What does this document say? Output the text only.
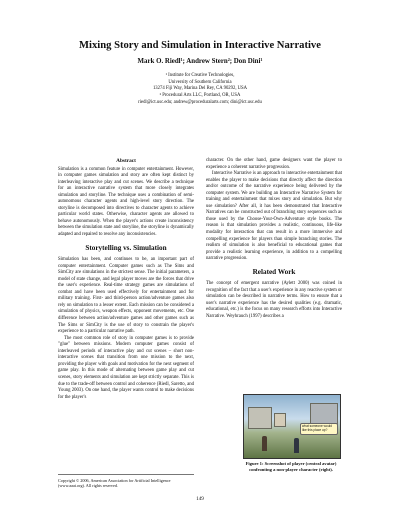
Mixing Story and Simulation in Interactive Narrative
Mark O. Riedl¹; Andrew Stern²; Don Dini¹
¹ Institute for Creative Technologies,
University of Southern California
13274 Fiji Way, Marina Del Rey, CA 90292, USA
² Procedural Arts LLC, Portland, OR, USA
riedl@ict.usc.edu; andrew@proceduralarts.com; dini@ict.usc.edu
Abstract

Simulation is a common feature in computer entertainment. However, in computer games simulation and story are often kept distinct by interleaving interactive play and cut scenes. We describe a technique for an interactive narrative system that more closely integrates simulation and storyline. The technique uses a combination of semi-autonomous character agents and high-level story direction. The storyline is decomposed into directives to character agents to achieve particular world states. Otherwise, character agents are allowed to behave autonomously. When the player's actions create inconsistency between the simulation state and storyline, the storyline is dynamically adapted and repaired to resolve any inconsistencies.

Storytelling vs. Simulation

Simulation has been, and continues to be, an important part of computer entertainment. Computer games such as The Sims and SimCity are simulations in the strictest sense. The initial parameters, a model of state change, and legal player moves are the forces that drive the user's experience. Real-time strategy games are simulations of combat and have been used effectively for entertainment and for military training. First- and third-person action/adventure games also rely on simulation to a lesser extent. Each mission can be considered a simulation of physics, weapon effects, opponent movements, etc. One difference between action/adventure games and other games such as The Sims or SimCity is the use of story to constrain the player's experience to a particular narrative path.

The most common role of story in computer games is to provide "glue" between missions. Modern computer games consist of interleaved periods of interactive play and cut scenes – short non-interactive scenes that transition from one mission to the next, providing the player with goals and motivation for the next segment of game play. In this mode of alternating between game play and cut scenes, story elements and simulation are kept strictly separate. This is due to the trade-off between control and coherence (Riedl, Saretto, and Young 2003). On one hand, the player wants control to make decisions for the player's

character. On the other hand, game designers want the player to experience a coherent narrative progression.

Interactive Narrative is an approach to interactive entertainment that enables the player to make decisions that directly affect the direction and/or outcome of the narrative experience being delivered by the computer system. We are building an Interactive Narrative System for training and entertainment that mixes story and simulation. But why use simulation? After all, it has been demonstrated that Interactive Narratives can be constructed out of branching story sequences such as those used by the Choose-Your-Own-Adventure style books. The reason is that simulation provides a realistic, continuous, life-like modality for interaction that can result in a more immersive and compelling experience for players than simple branching stories. The realism of simulation is also beneficial to educational games that provide a realistic learning experience, in addition to a compelling narrative progression.

Related Work

The concept of emergent narrative (Aylett 2000) was coined in recognition of the fact that a user's experience in any reactive system or simulation can be described in narrative terms. How to ensure that a user's narrative experience has the desired qualities (e.g. dramatic, educational, etc.) is the focus on many research efforts into Interactive Narrative. Weyhrauch (1997) describes a

Copyright © 2006, American Association for Artificial Intelligence (www.aaai.org). All rights reserved.
what someone would like this place up?
Figure 1: Screenshot of player (central avatar) confronting a non-player character (right).
149
